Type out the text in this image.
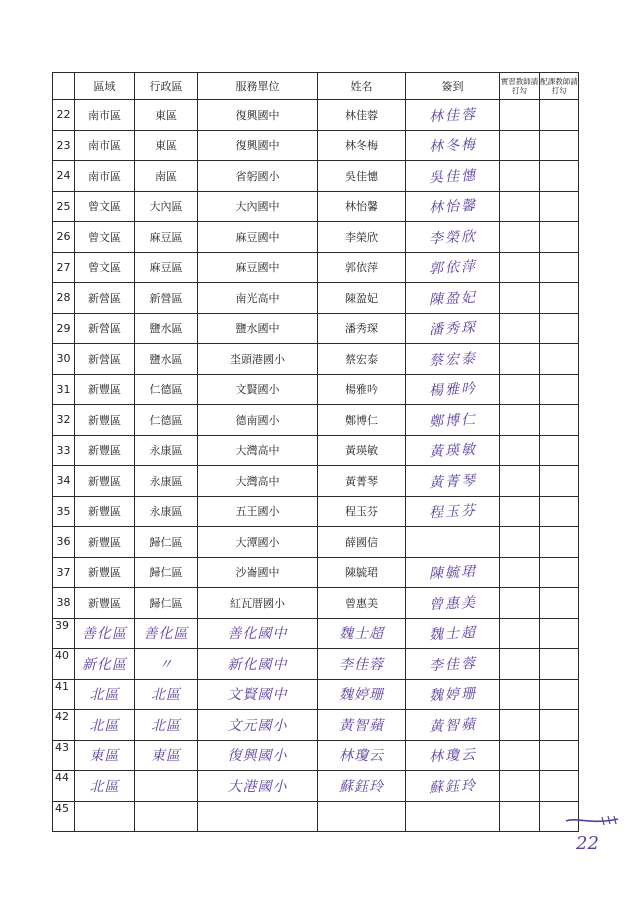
	區域	行政區	服務單位	姓名	簽到	實習教師請打勾	配課教師請打勾
22	南市區	東區	復興國中	林佳蓉	林佳蓉		
23	南市區	東區	復興國中	林冬梅	林冬梅		
24	南市區	南區	省躬國小	吳佳憓	吳佳憓		
25	曾文區	大內區	大內國中	林怡馨	林怡馨		
26	曾文區	麻豆區	麻豆國中	李榮欣	李榮欣		
27	曾文區	麻豆區	麻豆國中	郭依萍	郭依萍		
28	新營區	新營區	南光高中	陳盈妃	陳盈妃		
29	新營區	鹽水區	鹽水國中	潘秀琛	潘秀琛		
30	新營區	鹽水區	坔頭港國小	蔡宏泰	蔡宏泰		
31	新豐區	仁德區	文賢國小	楊雅吟	楊雅吟		
32	新豐區	仁德區	德南國小	鄭博仁	鄭博仁		
33	新豐區	永康區	大灣高中	黃瑛敏	黃瑛敏		
34	新豐區	永康區	大灣高中	黃菁琴	黃菁琴		
35	新豐區	永康區	五王國小	程玉芬	程玉芬		
36	新豐區	歸仁區	大潭國小	薛國信			
37	新豐區	歸仁區	沙崙國中	陳毓珺	陳毓珺		
38	新豐區	歸仁區	紅瓦厝國小	曾惠美	曾惠美		

39	善化區	善化區	善化國中	魏士超	魏士超		

40	新化區	〃	新化國中	李佳蓉	李佳蓉		

41	北區	北區	文賢國中	魏婷珊	魏婷珊		

42	北區	北區	文元國小	黃智蘋	黃智蘋		

43	東區	東區	復興國小	林瓊云	林瓊云		

44	北區		大港國小	蘇鈺玲	蘇鈺玲		

45							

22
